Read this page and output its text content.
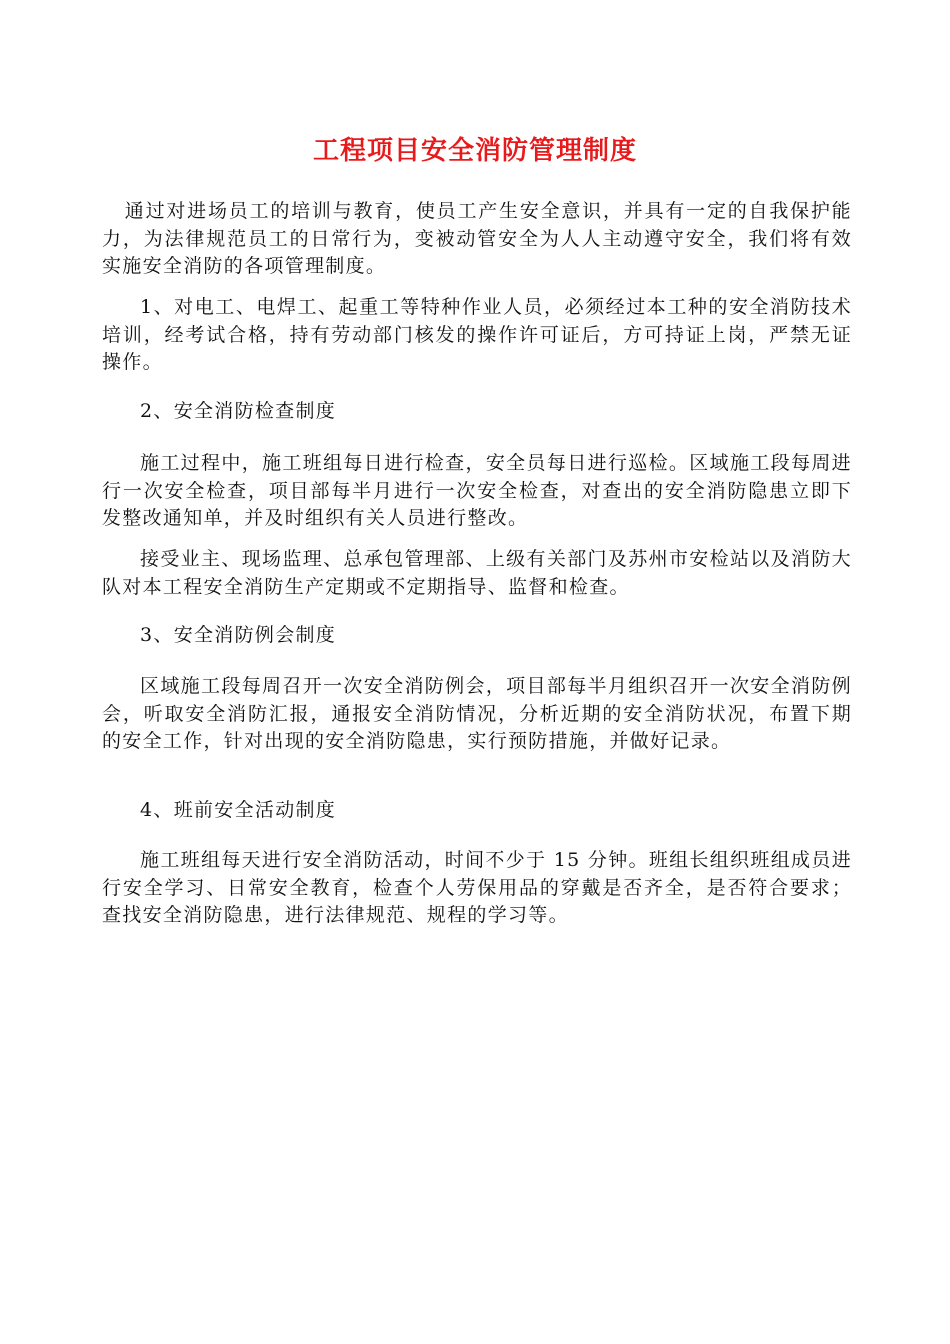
工程项目安全消防管理制度

通过对进场员工的培训与教育，使员工产生安全意识，并具有一定的自我保护能力，为法律规范员工的日常行为，变被动管安全为人人主动遵守安全，我们将有效实施安全消防的各项管理制度。

1、对电工、电焊工、起重工等特种作业人员，必须经过本工种的安全消防技术培训，经考试合格，持有劳动部门核发的操作许可证后，方可持证上岗，严禁无证操作。

2、安全消防检查制度

施工过程中，施工班组每日进行检查，安全员每日进行巡检。区域施工段每周进行一次安全检查，项目部每半月进行一次安全检查，对查出的安全消防隐患立即下发整改通知单，并及时组织有关人员进行整改。

接受业主、现场监理、总承包管理部、上级有关部门及苏州市安检站以及消防大队对本工程安全消防生产定期或不定期指导、监督和检查。

3、安全消防例会制度

区域施工段每周召开一次安全消防例会，项目部每半月组织召开一次安全消防例会，听取安全消防汇报，通报安全消防情况，分析近期的安全消防状况，布置下期的安全工作，针对出现的安全消防隐患，实行预防措施，并做好记录。

4、班前安全活动制度

施工班组每天进行安全消防活动，时间不少于 15 分钟。班组长组织班组成员进行安全学习、日常安全教育，检查个人劳保用品的穿戴是否齐全，是否符合要求；查找安全消防隐患，进行法律规范、规程的学习等。
